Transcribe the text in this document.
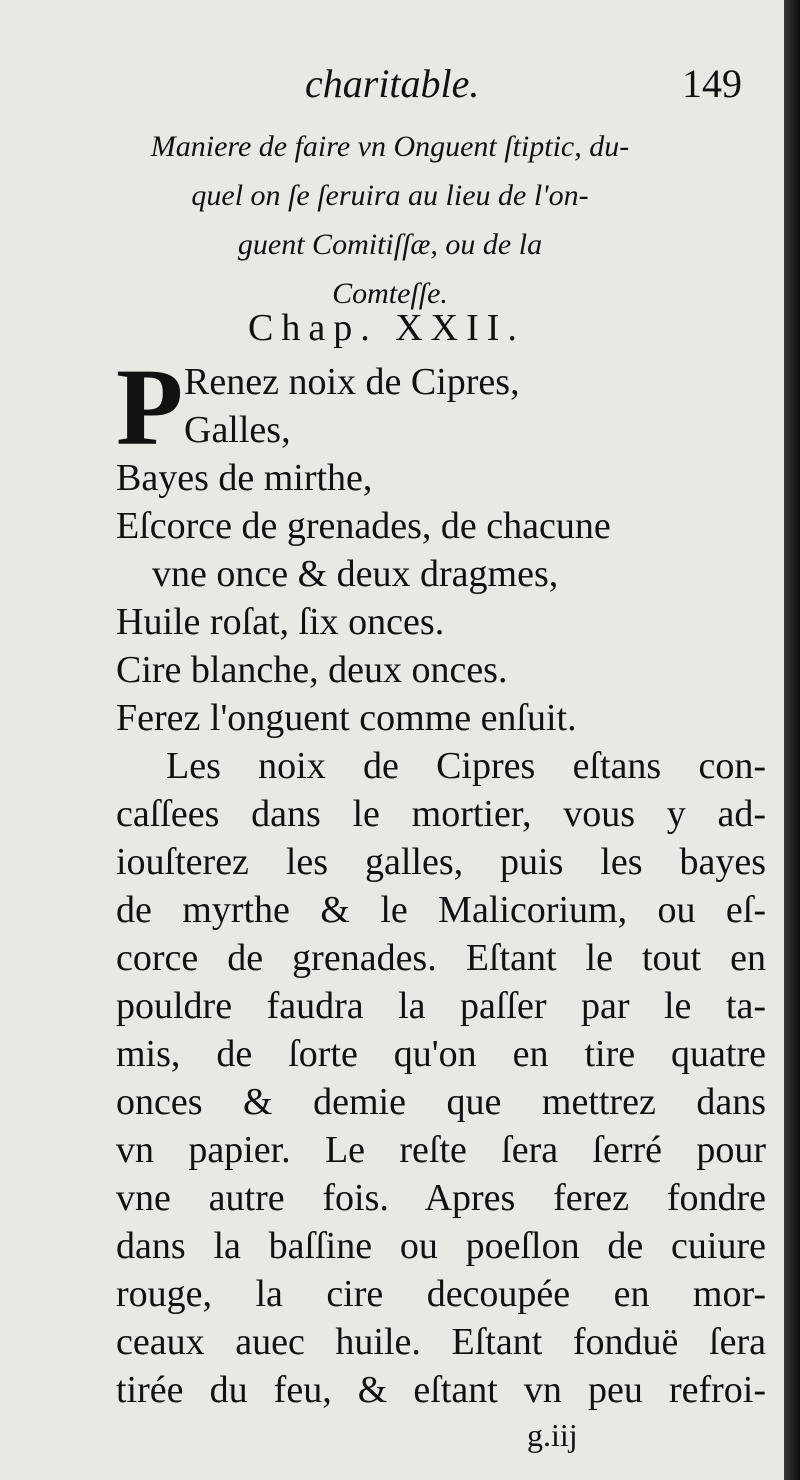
charitable.	149
Maniere de faire vn Onguent ſtiptic, du-
quel on ſe ſeruira au lieu de l'on-
guent Comitiſſæ, ou de la
Comteſſe.
Chap. XXII.
P Renez noix de Cipres,
Galles,
Bayes de mirthe,
Eſcorce de grenades, de chacune
vne once & deux dragmes,
Huile roſat, ſix onces.
Cire blanche, deux onces.
Ferez l'onguent comme enſuit.
Les noix de Cipres eſtans con-
caſſees dans le mortier, vous y ad-
iouſterez les galles, puis les bayes
de myrthe & le Malicorium, ou eſ-
corce de grenades. Eſtant le tout en
pouldre faudra la paſſer par le ta-
mis, de ſorte qu'on en tire quatre
onces & demie que mettrez dans
vn papier. Le reſte ſera ſerré pour
vne autre fois. Apres ferez fondre
dans la baſſine ou poeſlon de cuiure
rouge, la cire decoupée en mor-
ceaux auec huile. Eſtant fonduë ſera
tirée du feu, & eſtant vn peu refroi-
g.iij
